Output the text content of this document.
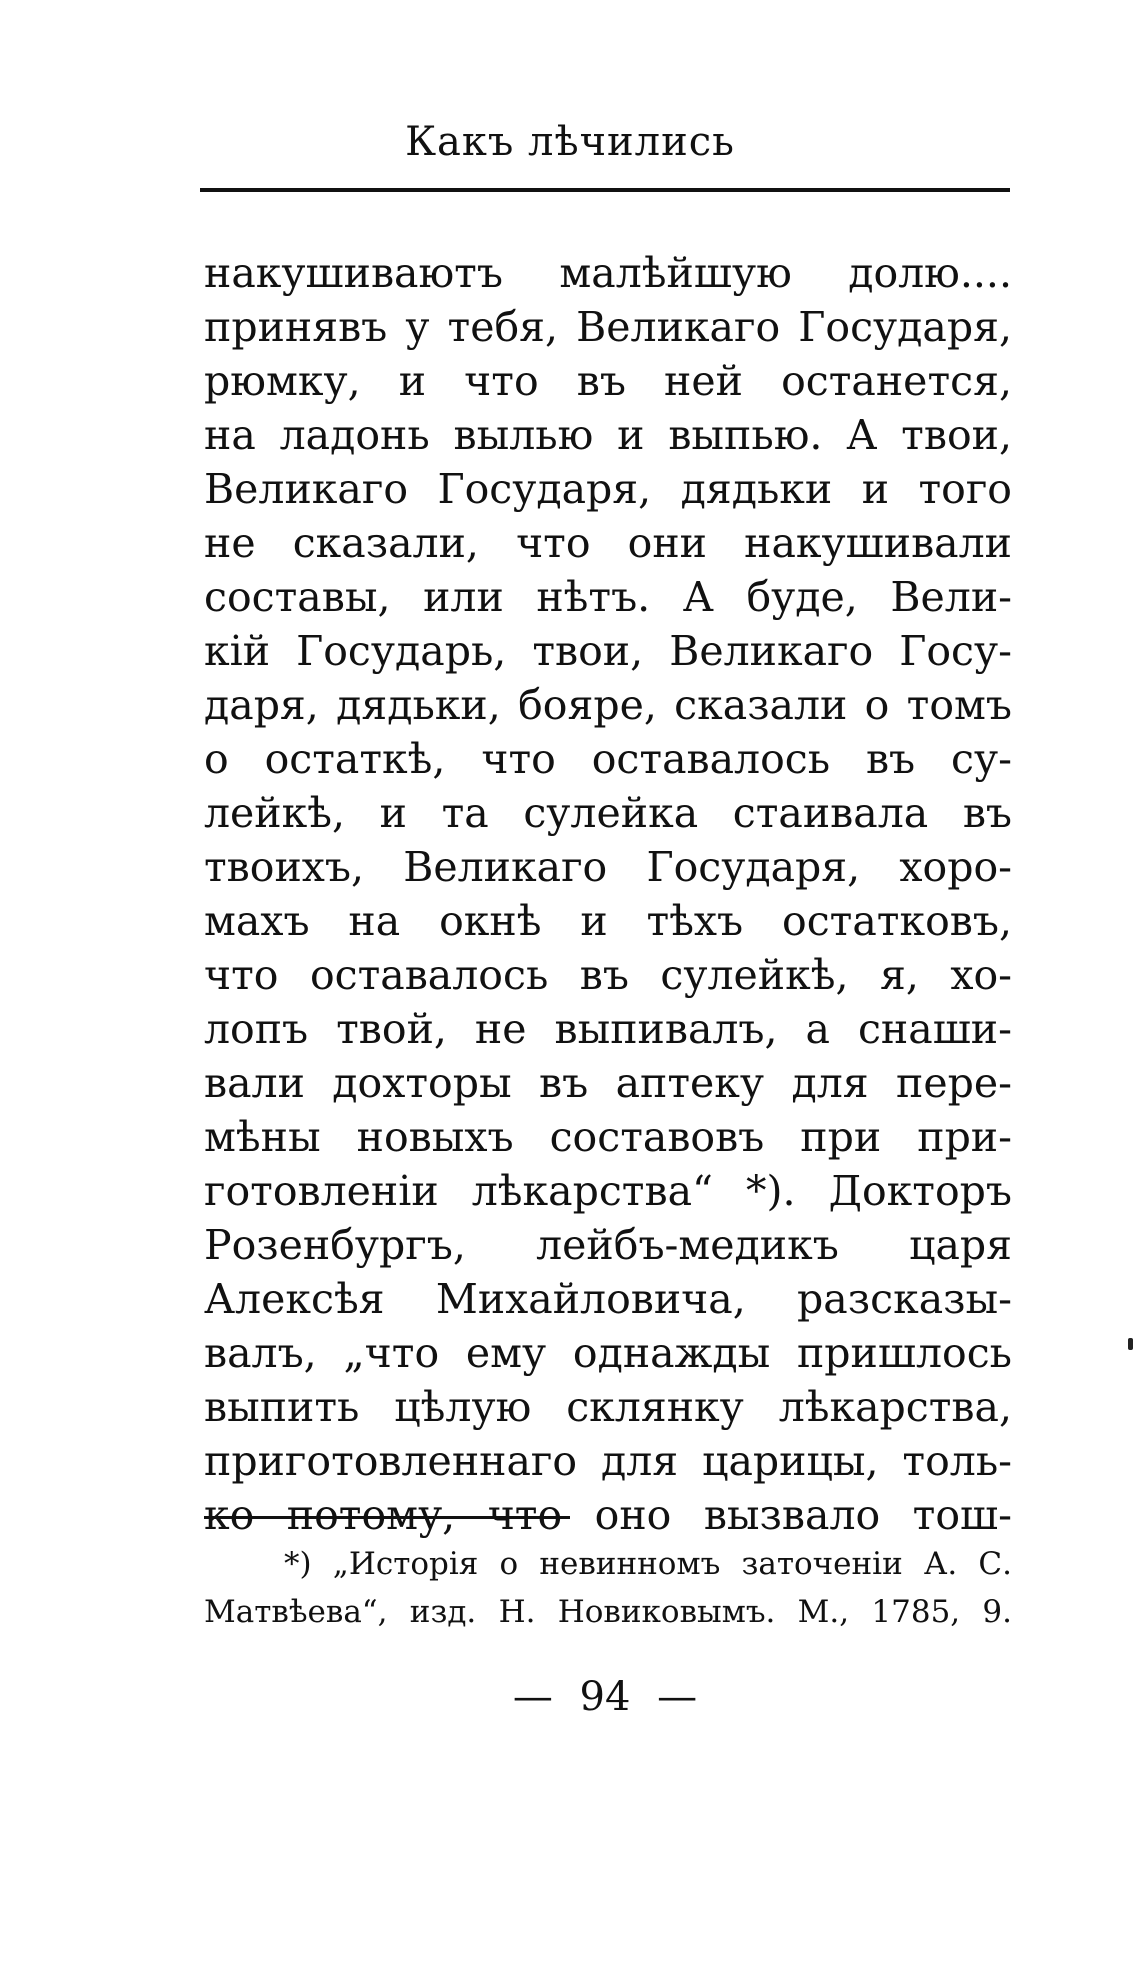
Какъ лѣчились
накушиваютъ малѣйшую долю....
принявъ у тебя, Великаго Государя,
рюмку, и что въ ней останется,
на ладонь вылью и выпью. А твои,
Великаго Государя, дядьки и того
не сказали, что они накушивали
составы, или нѣтъ. А буде, Вели-
кій Государь, твои, Великаго Госу-
даря, дядьки, бояре, сказали о томъ
о остаткѣ, что оставалось въ су-
лейкѣ, и та сулейка стаивала въ
твоихъ, Великаго Государя, хоро-
махъ на окнѣ и тѣхъ остатковъ,
что оставалось въ сулейкѣ, я, хо-
лопъ твой, не выпивалъ, а снаши-
вали дохторы въ аптеку для пере-
мѣны новыхъ составовъ при при-
готовленіи лѣкарства“ *). Докторъ
Розенбургъ, лейбъ-медикъ царя
Алексѣя Михайловича, разсказы-
валъ, „что ему однажды пришлось
выпить цѣлую склянку лѣкарства,
приготовленнаго для царицы, толь-
ко потому, что оно вызвало тош-
*) „Исторія о невинномъ заточеніи А. С.
Матвѣева“, изд. Н. Новиковымъ. М., 1785, 9.
— 94 —
